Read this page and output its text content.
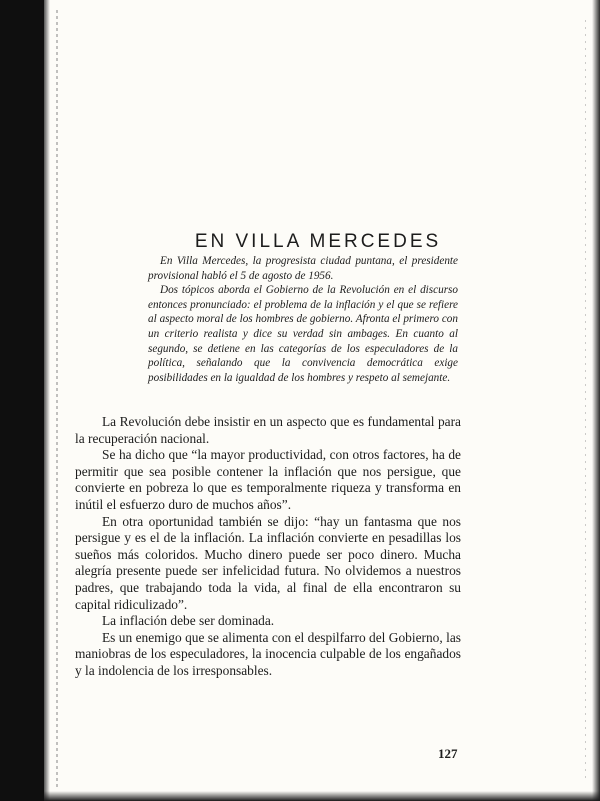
EN VILLA MERCEDES

En Villa Mercedes, la progresista ciudad puntana, el presidente provisional habló el 5 de agosto de 1956.

Dos tópicos aborda el Gobierno de la Revolución en el discurso entonces pronunciado: el problema de la inflación y el que se refiere al aspecto moral de los hombres de gobierno. Afronta el primero con un criterio realista y dice su verdad sin ambages. En cuanto al segundo, se detiene en las categorías de los especuladores de la política, señalando que la convivencia democrática exige posibilidades en la igualdad de los hombres y respeto al semejante.

La Revolución debe insistir en un aspecto que es fundamental para la recuperación nacional.

Se ha dicho que “la mayor productividad, con otros factores, ha de permitir que sea posible contener la inflación que nos persigue, que convierte en pobreza lo que es temporalmente riqueza y transforma en inútil el esfuerzo duro de muchos años”.

En otra oportunidad también se dijo: “hay un fantasma que nos persigue y es el de la inflación. La inflación convierte en pesadillas los sueños más coloridos. Mucho dinero puede ser poco dinero. Mucha alegría presente puede ser infelicidad futura. No olvidemos a nuestros padres, que trabajando toda la vida, al final de ella encontraron su capital ridiculizado”.

La inflación debe ser dominada.

Es un enemigo que se alimenta con el despilfarro del Gobierno, las maniobras de los especuladores, la inocencia culpable de los engañados y la indolencia de los irresponsables.

127
